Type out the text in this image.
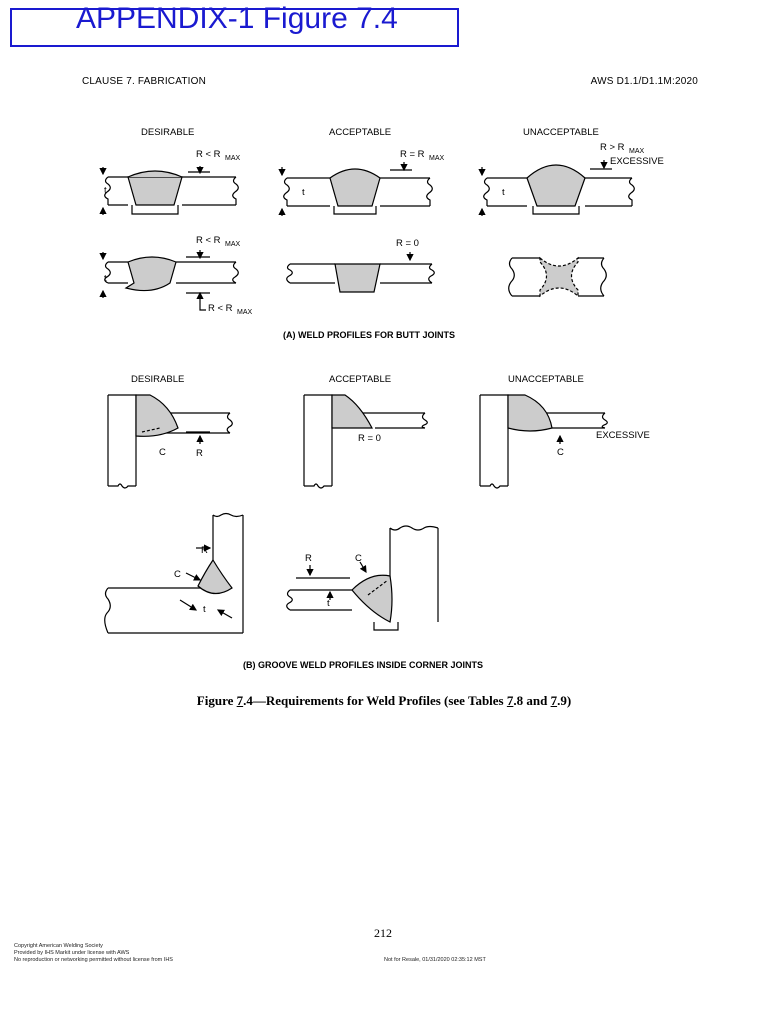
APPENDIX-1 Figure 7.4
CLAUSE 7. FABRICATION	AWS D1.1/D1.1M:2020
DESIRABLE	ACCEPTABLE	UNACCEPTABLE
R < R MAX	R = R MAX
R > R MAX
EXCESSIVE
t	t	t
t
R < R MAX	R = 0
R < R MAX
(A) WELD PROFILES FOR BUTT JOINTS
DESIRABLE	ACCEPTABLE	UNACCEPTABLE
C	R
R = 0	EXCESSIVE
C
R
C
t
R	C
t
(B) GROOVE WELD PROFILES INSIDE CORNER JOINTS
Figure 7.4—Requirements for Weld Profiles (see Tables 7.8 and 7.9)
212
Copyright American Welding Society
Provided by IHS Markit under license with AWS
No reproduction or networking permitted without license from IHS	Not for Resale, 01/31/2020 02:35:12 MST
